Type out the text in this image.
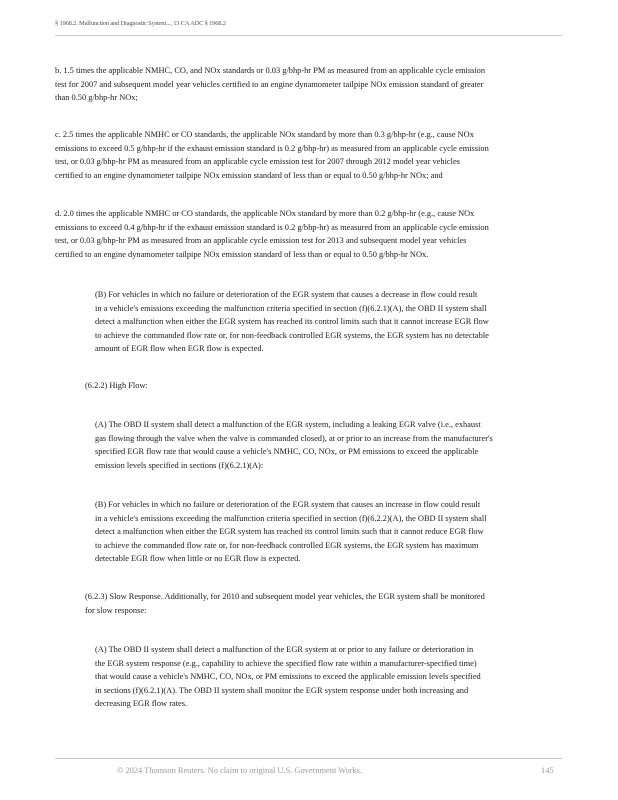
§ 1968.2. Malfunction and Diagnostic System..., 13 CA ADC § 1968.2
b. 1.5 times the applicable NMHC, CO, and NOx standards or 0.03 g/bhp-hr PM as measured from an applicable cycle emission
test for 2007 and subsequent model year vehicles certified to an engine dynamometer tailpipe NOx emission standard of greater
than 0.50 g/bhp-hr NOx;
c. 2.5 times the applicable NMHC or CO standards, the applicable NOx standard by more than 0.3 g/bhp-hr (e.g., cause NOx
emissions to exceed 0.5 g/bhp-hr if the exhaust emission standard is 0.2 g/bhp-hr) as measured from an applicable cycle emission
test, or 0.03 g/bhp-hr PM as measured from an applicable cycle emission test for 2007 through 2012 model year vehicles
certified to an engine dynamometer tailpipe NOx emission standard of less than or equal to 0.50 g/bhp-hr NOx; and
d. 2.0 times the applicable NMHC or CO standards, the applicable NOx standard by more than 0.2 g/bhp-hr (e.g., cause NOx
emissions to exceed 0.4 g/bhp-hr if the exhaust emission standard is 0.2 g/bhp-hr) as measured from an applicable cycle emission
test, or 0.03 g/bhp-hr PM as measured from an applicable cycle emission test for 2013 and subsequent model year vehicles
certified to an engine dynamometer tailpipe NOx emission standard of less than or equal to 0.50 g/bhp-hr NOx.
(B) For vehicles in which no failure or deterioration of the EGR system that causes a decrease in flow could result
in a vehicle's emissions exceeding the malfunction criteria specified in section (f)(6.2.1)(A), the OBD II system shall
detect a malfunction when either the EGR system has reached its control limits such that it cannot increase EGR flow
to achieve the commanded flow rate or, for non-feedback controlled EGR systems, the EGR system has no detectable
amount of EGR flow when EGR flow is expected.
(6.2.2) High Flow:
(A) The OBD II system shall detect a malfunction of the EGR system, including a leaking EGR valve (i.e., exhaust
gas flowing through the valve when the valve is commanded closed), at or prior to an increase from the manufacturer's
specified EGR flow rate that would cause a vehicle's NMHC, CO, NOx, or PM emissions to exceed the applicable
emission levels specified in sections (f)(6.2.1)(A):
(B) For vehicles in which no failure or deterioration of the EGR system that causes an increase in flow could result
in a vehicle's emissions exceeding the malfunction criteria specified in section (f)(6.2.2)(A), the OBD II system shall
detect a malfunction when either the EGR system has reached its control limits such that it cannot reduce EGR flow
to achieve the commanded flow rate or, for non-feedback controlled EGR systems, the EGR system has maximum
detectable EGR flow when little or no EGR flow is expected.
(6.2.3) Slow Response. Additionally, for 2010 and subsequent model year vehicles, the EGR system shall be monitored
for slow response:
(A) The OBD II system shall detect a malfunction of the EGR system at or prior to any failure or deterioration in
the EGR system response (e.g., capability to achieve the specified flow rate within a manufacturer-specified time)
that would cause a vehicle's NMHC, CO, NOx, or PM emissions to exceed the applicable emission levels specified
in sections (f)(6.2.1)(A). The OBD II system shall monitor the EGR system response under both increasing and
decreasing EGR flow rates.
© 2024 Thomson Reuters. No claim to original U.S. Government Works.	145
